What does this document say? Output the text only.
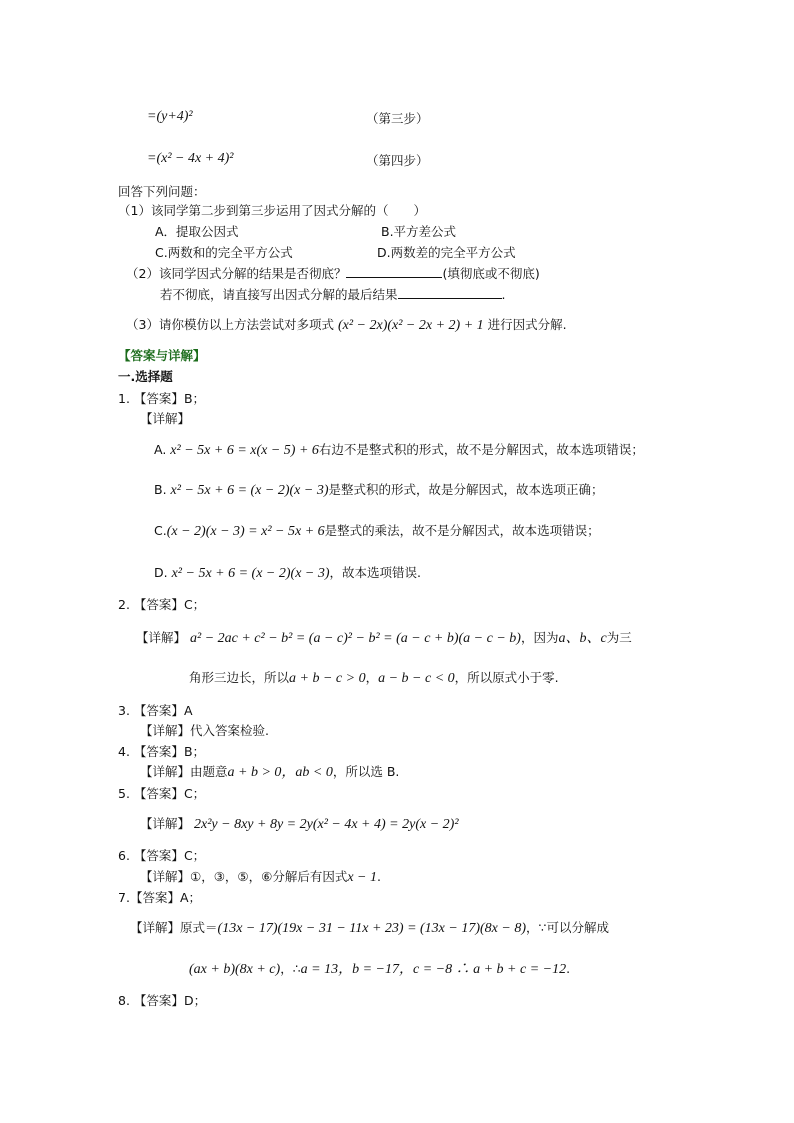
=(y+4)²	（第三步）
=(x² − 4x + 4)²	（第四步）
回答下列问题：
（1）该同学第二步到第三步运用了因式分解的（　　）
A．提取公因式	B.平方差公式
C.两数和的完全平方公式	D.两数差的完全平方公式
（2）该同学因式分解的结果是否彻底？	(填彻底或不彻底)
若不彻底，请直接写出因式分解的最后结果	.
（3）请你模仿以上方法尝试对多项式 (x² − 2x)(x² − 2x + 2) + 1 进行因式分解.
【答案与详解】
一.选择题
1. 【答案】B；
【详解】
A. x² − 5x + 6 = x(x − 5) + 6右边不是整式积的形式，故不是分解因式，故本选项错误；
B. x² − 5x + 6 = (x − 2)(x − 3)是整式积的形式，故是分解因式，故本选项正确；
C.(x − 2)(x − 3) = x² − 5x + 6是整式的乘法，故不是分解因式，故本选项错误；
D. x² − 5x + 6 = (x − 2)(x − 3)，故本选项错误.
2. 【答案】C；
【详解】 a² − 2ac + c² − b² = (a − c)² − b² = (a − c + b)(a − c − b)，因为a、b、c为三
角形三边长，所以a + b − c > 0，a − b − c < 0，所以原式小于零.
3. 【答案】A
【详解】代入答案检验.
4. 【答案】B；
【详解】由题意a + b > 0，ab < 0，所以选 B.
5. 【答案】C；
【详解】 2x²y − 8xy + 8y = 2y(x² − 4x + 4) = 2y(x − 2)²
6. 【答案】C；
【详解】①，③，⑤，⑥分解后有因式x − 1.
7.【答案】A；
【详解】原式＝(13x − 17)(19x − 31 − 11x + 23) = (13x − 17)(8x − 8)，∵可以分解成
(ax + b)(8x + c)，∴a = 13，b = −17，c = −8 ∴ a + b + c = −12.
8. 【答案】D；
